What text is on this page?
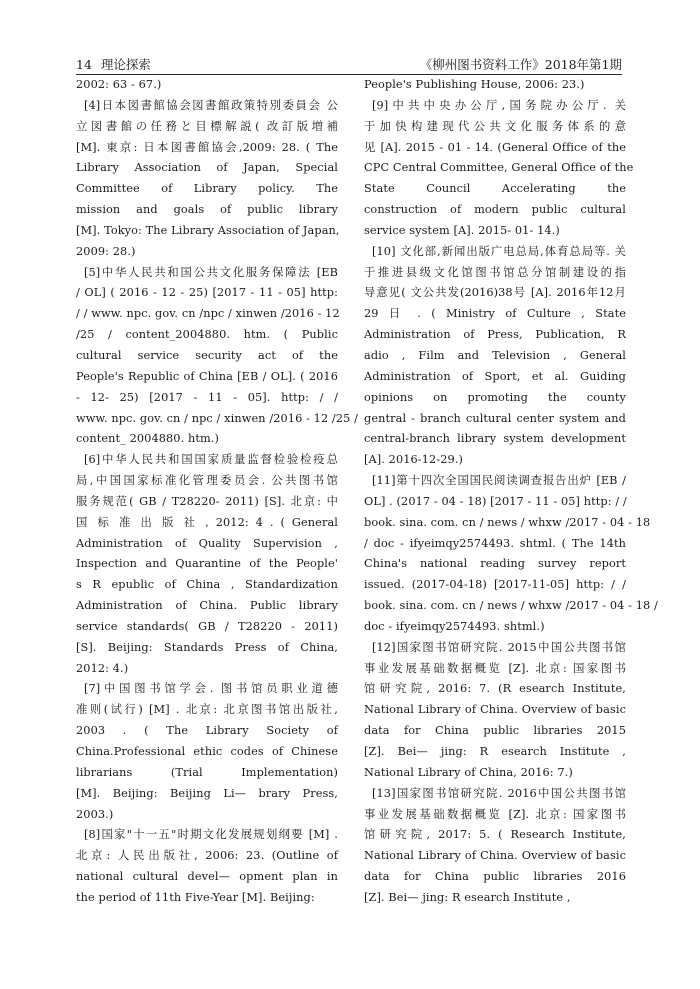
14 理论探索	《柳州图书资料工作》2018年第1期
2002: 63 - 67.)
[4]日本図書館協会図書館政策特別委員会 公
立図書館の任務と目標解説( 改訂版増補
[M]. 東京: 日本図書館協会,2009: 28. ( The
Library Association of Japan, Special
Committee of Library policy. The
mission and goals of public library
[M]. Tokyo: The Library Association of Japan,
2009: 28.)
[5]中华人民共和国公共文化服务保障法 [EB
/ OL] ( 2016 - 12 - 25) [2017 - 11 - 05] http:
/ / www. npc. gov. cn /npc / xinwen /2016 - 12
/25 / content_2004880. htm. ( Public
cultural service security act of the
People's Republic of China [EB / OL]. ( 2016
- 12- 25) [2017 - 11 - 05]. http: / /
www. npc. gov. cn / npc / xinwen /2016 - 12 /25 /
content_ 2004880. htm.)
[6]中华人民共和国国家质量监督检验检疫总
局,中国国家标准化管理委员会. 公共图书馆
服务规范( GB / T28220- 2011) [S]. 北京: 中
国 标 准 出 版 社 , 2012: 4 . ( General
Administration of Quality Supervision ,
Inspection and Quarantine of the People'
s R epublic of China , Standardization
Administration of China. Public library
service standards( GB / T28220 - 2011)
[S]. Beijing: Standards Press of China,
2012: 4.)
[7]中国图书馆学会. 图书馆员职业道德
准则(试行) [M] . 北京: 北京图书馆出版社,
2003 . ( The Library Society of
China.Professional ethic codes of Chinese
librarians (Trial Implementation)
[M]. Beijing: Beijing Li— brary Press,
2003.)
[8]国家"十一五"时期文化发展规划纲要 [M] .
北京: 人民出版社, 2006: 23. (Outline of
national cultural devel— opment plan in
the period of 11th Five-Year [M]. Beijing:
People's Publishing House, 2006: 23.)
[9]中共中央办公厅,国务院办公厅. 关
于加快构建现代公共文化服务体系的意
见 [A]. 2015 - 01 - 14. (General Office of the
CPC Central Committee, General Office of the
State Council Accelerating the
construction of modern public cultural
service system [A]. 2015- 01- 14.)
[10] 文化部,新闻出版广电总局,体育总局等. 关
于推进县级文化馆图书馆总分馆制建设的指
导意见( 文公共发(2016)38号 [A]. 2016年12月
29 日 . ( Ministry of Culture , State
Administration of Press, Publication, R
adio , Film and Television , General
Administration of Sport, et al. Guiding
opinions on promoting the county
gentral - branch cultural center system and
central-branch library system development
[A]. 2016-12-29.)
[11]第十四次全国国民阅读调查报告出炉 [EB /
OL] . (2017 - 04 - 18) [2017 - 11 - 05] http: / /
book. sina. com. cn / news / whxw /2017 - 04 - 18
/ doc - ifyeimqy2574493. shtml. ( The 14th
China's national reading survey report
issued. (2017-04-18) [2017-11-05] http: / /
book. sina. com. cn / news / whxw /2017 - 04 - 18 /
doc - ifyeimqy2574493. shtml.)
[12]国家图书馆研究院. 2015中国公共图书馆
事业发展基础数据概览 [Z]. 北京: 国家图书
馆研究院, 2016: 7. (R esearch Institute,
National Library of China. Overview of basic
data for China public libraries 2015
[Z]. Bei— jing: R esearch Institute ,
National Library of China, 2016: 7.)
[13]国家图书馆研究院. 2016中国公共图书馆
事业发展基础数据概览 [Z]. 北京: 国家图书
馆研究院, 2017: 5. ( Research Institute,
National Library of China. Overview of basic
data for China public libraries 2016
[Z]. Bei— jing: R esearch Institute ,
